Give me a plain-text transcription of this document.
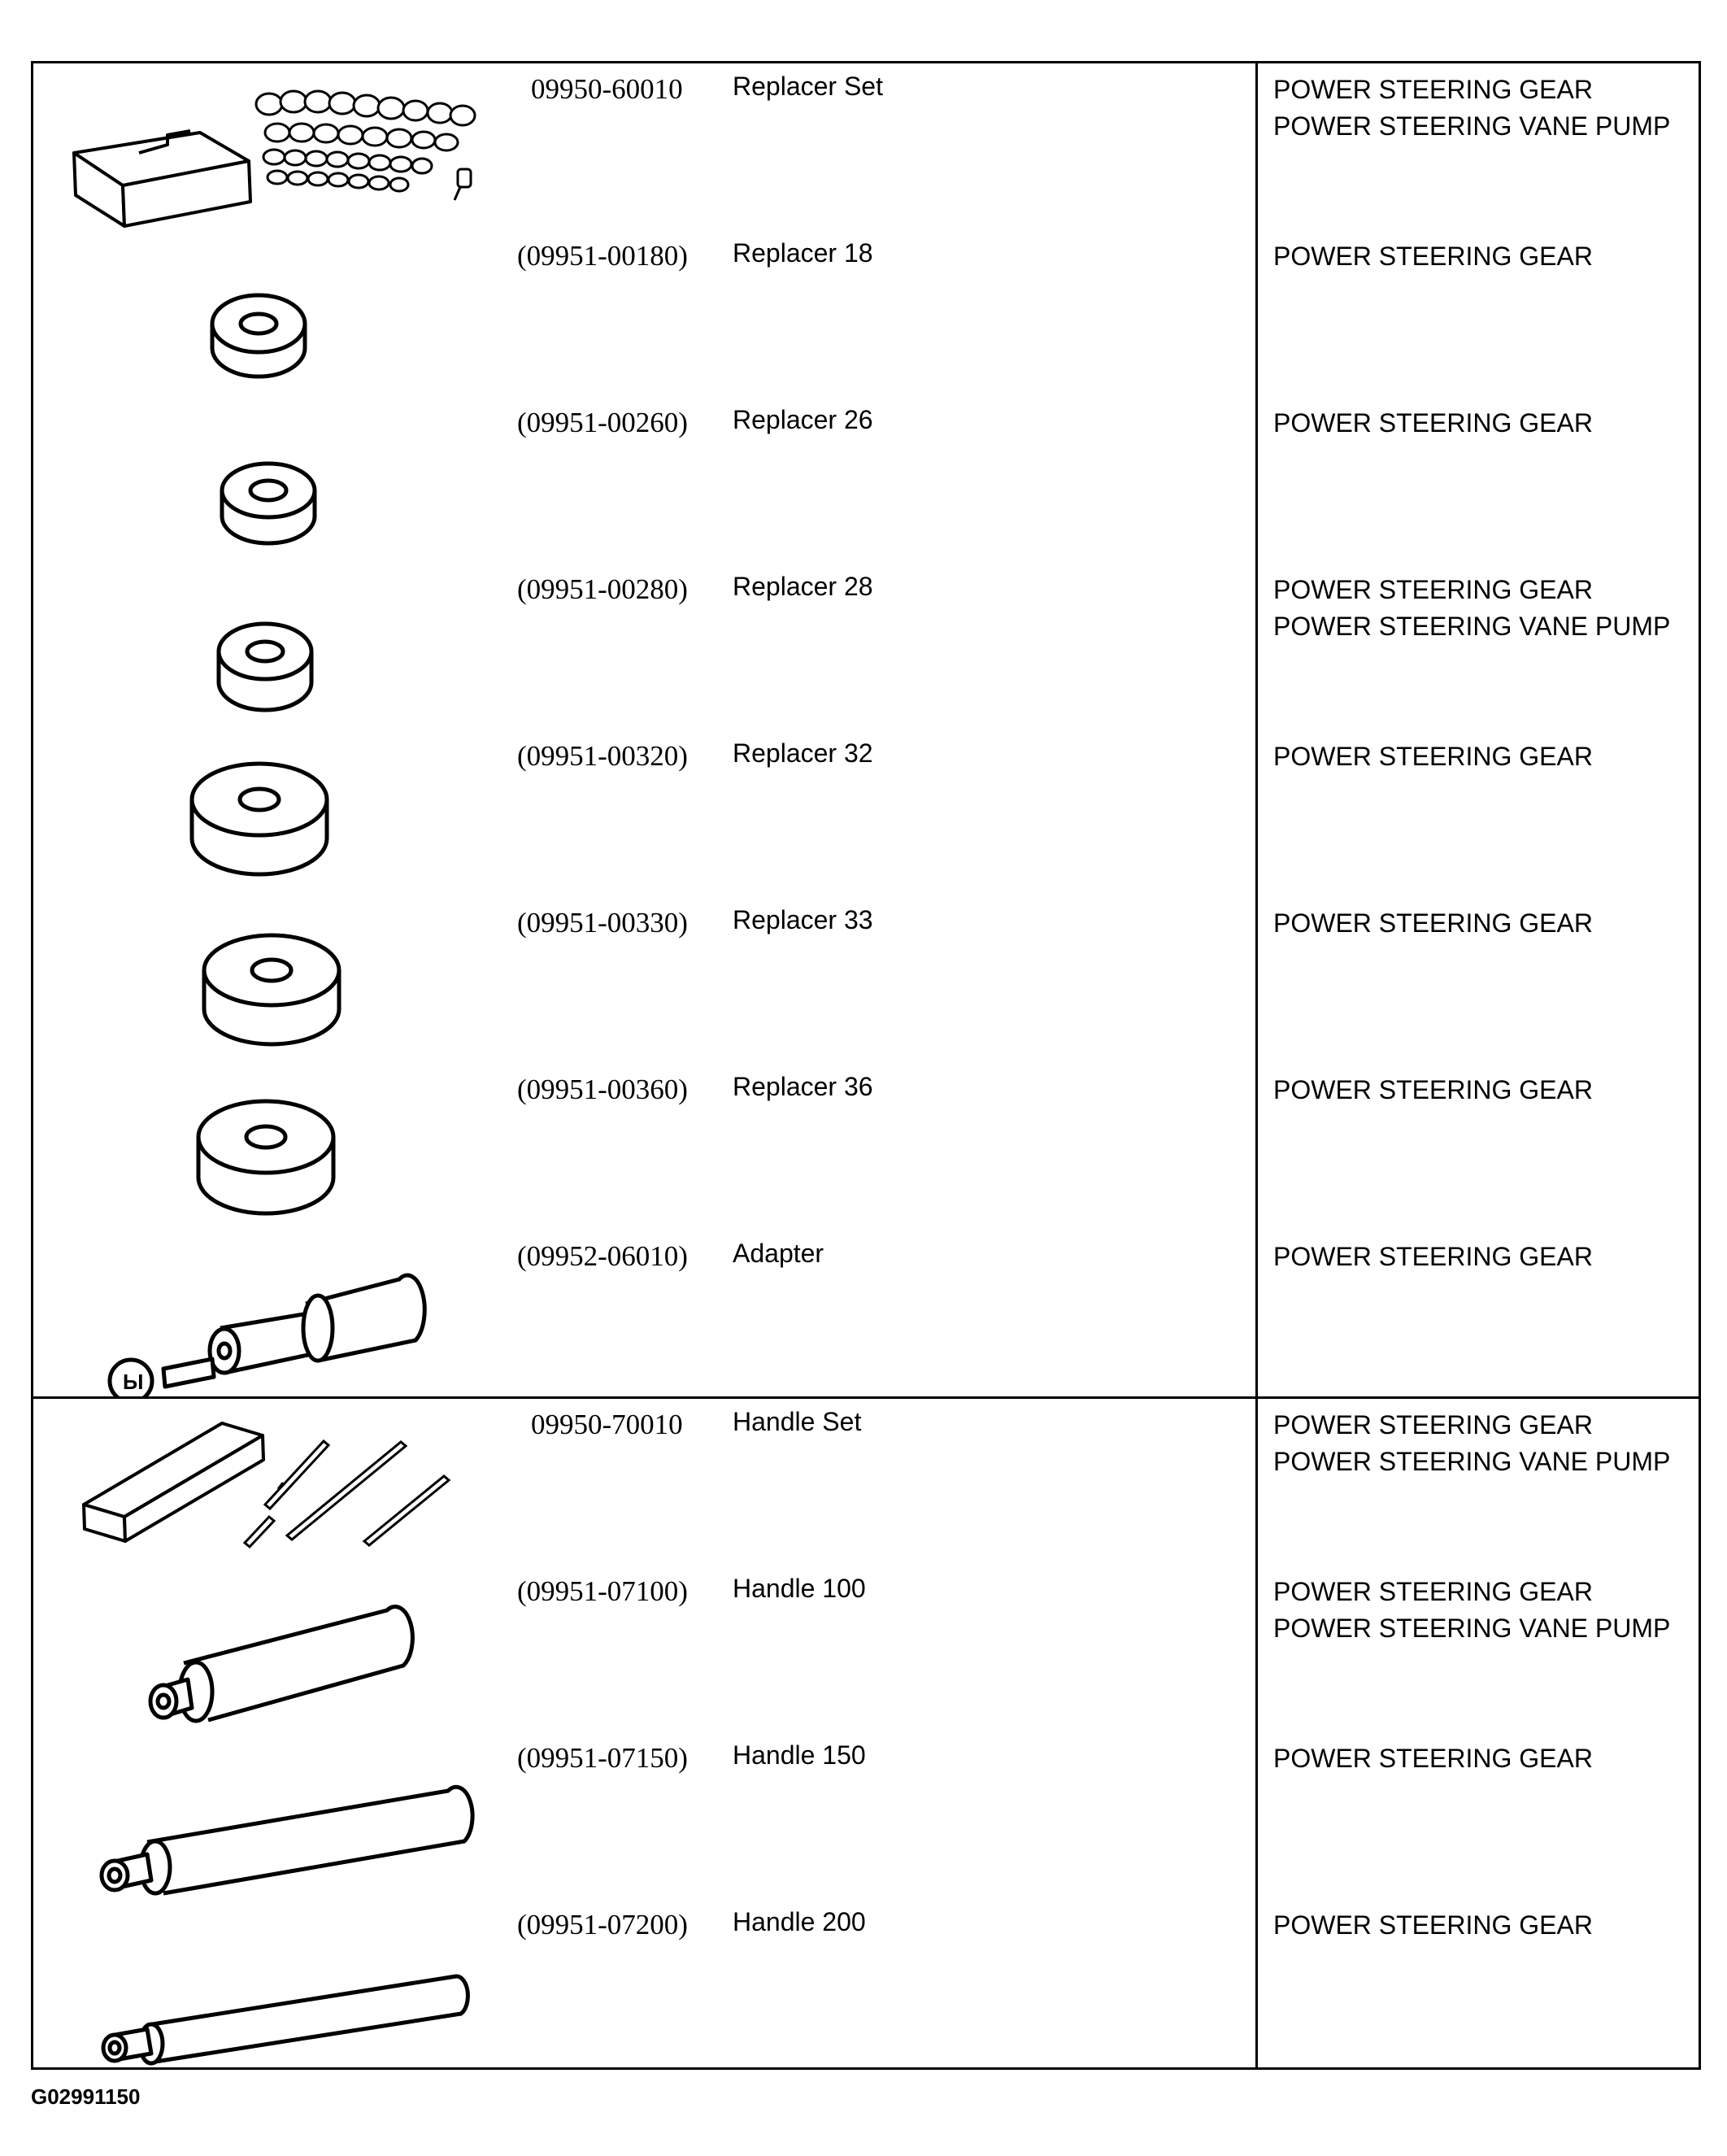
09950-60010	Replacer Set	POWER STEERING GEAR
POWER STEERING VANE PUMP
(09951-00180)	Replacer 18	POWER STEERING GEAR
(09951-00260)	Replacer 26	POWER STEERING GEAR
(09951-00280)	Replacer 28	POWER STEERING GEAR
POWER STEERING VANE PUMP
(09951-00320)	Replacer 32	POWER STEERING GEAR
(09951-00330)	Replacer 33	POWER STEERING GEAR
(09951-00360)	Replacer 36	POWER STEERING GEAR
Ы
(09952-06010)	Adapter	POWER STEERING GEAR
09950-70010	Handle Set	POWER STEERING GEAR
POWER STEERING VANE PUMP
(09951-07100)	Handle 100	POWER STEERING GEAR
POWER STEERING VANE PUMP
(09951-07150)	Handle 150	POWER STEERING GEAR
(09951-07200)	Handle 200	POWER STEERING GEAR
G02991150
